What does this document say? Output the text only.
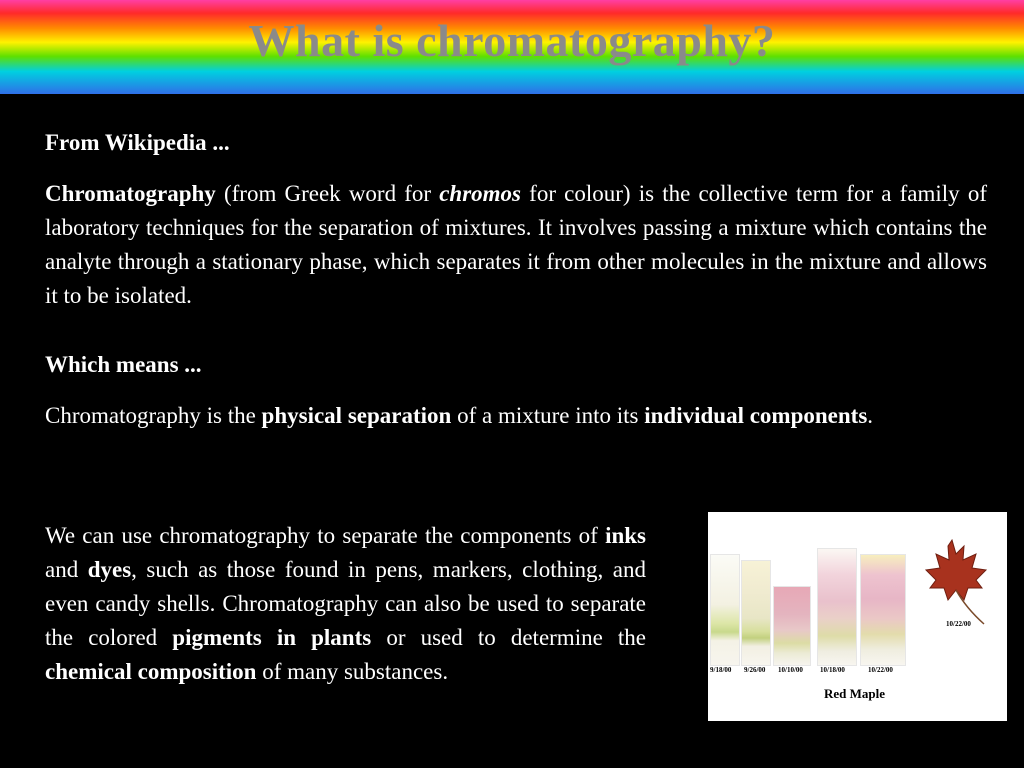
What is chromatography?

From Wikipedia ...

Chromatography (from Greek word for chromos for colour) is the collective term for a family of laboratory techniques for the separation of mixtures. It involves passing a mixture which contains the analyte through a stationary phase, which separates it from other molecules in the mixture and allows it to be isolated.

Which means ...

Chromatography is the physical separation of a mixture into its individual components.

We can use chromatography to separate the components of inks and dyes, such as those found in pens, markers, clothing, and even candy shells. Chromatography can also be used to separate the colored pigments in plants or used to determine the chemical composition of many substances.	9/18/00 9/26/00 10/10/00 10/18/00	10/22/00
10/22/00
Red Maple
